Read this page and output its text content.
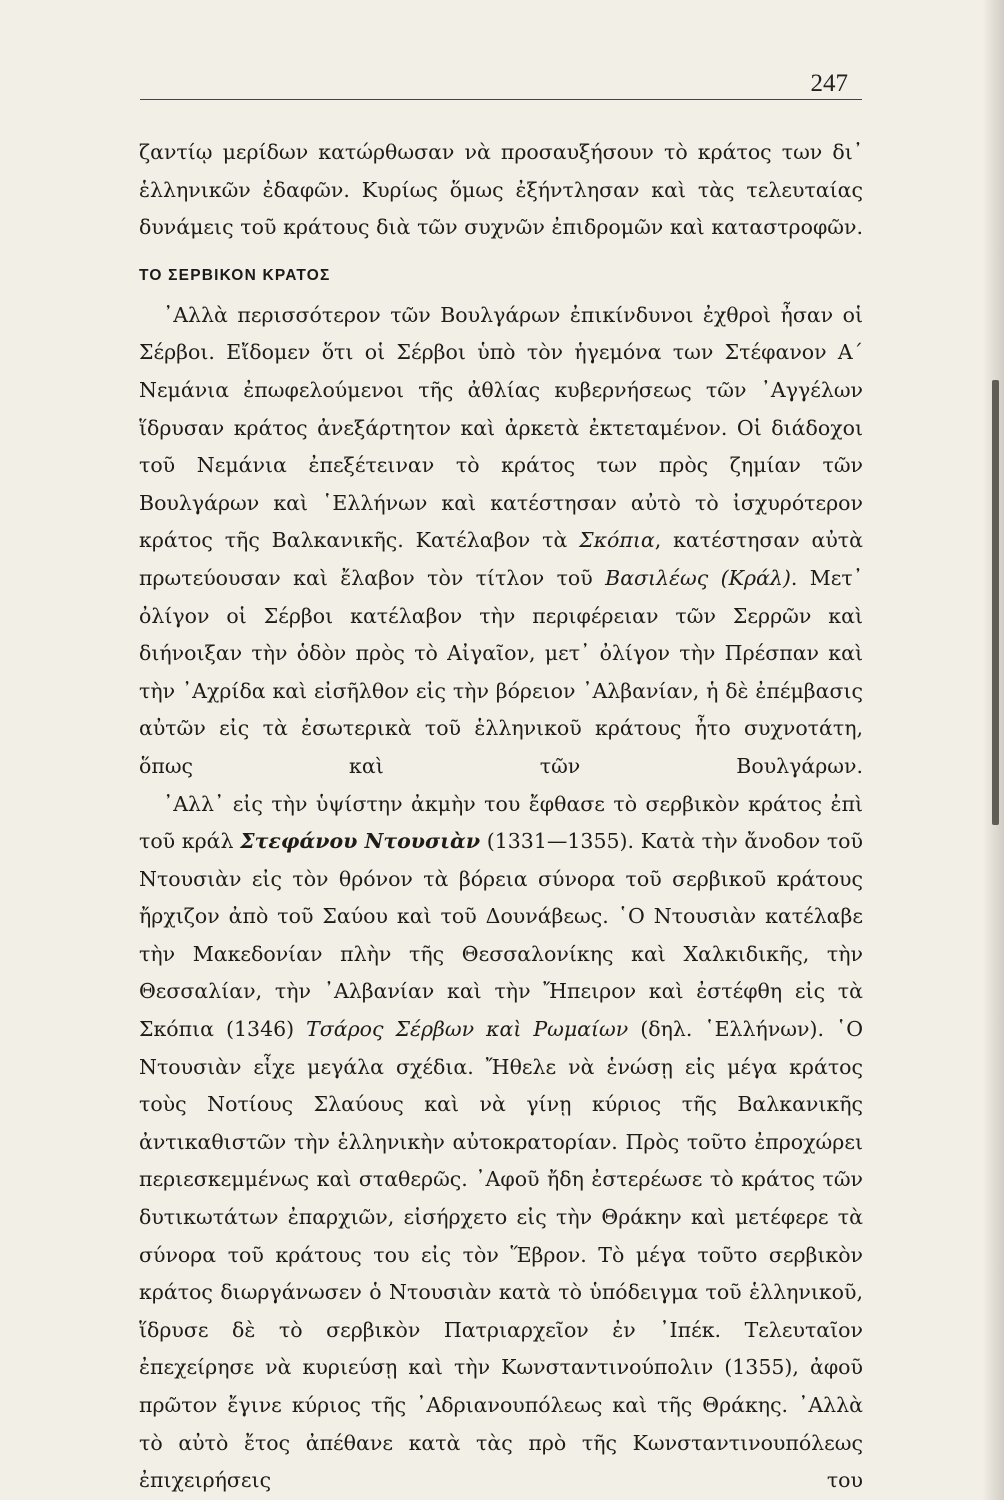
247

ζαντίῳ μερίδων κατώρθωσαν νὰ προσαυξήσουν τὸ κράτος των δι᾽ ἑλληνικῶν ἐδαφῶν. Κυρίως ὅμως ἐξήντλησαν καὶ τὰς τελευταίας δυνάμεις τοῦ κράτους διὰ τῶν συχνῶν ἐπιδρομῶν καὶ καταστροφῶν.

ΤΟ ΣΕΡΒΙΚΟΝ ΚΡΑΤΟΣ

᾽Αλλὰ περισσότερον τῶν Βουλγάρων ἐπικίνδυνοι ἐχθροὶ ἦσαν οἱ Σέρβοι. Εἴδομεν ὅτι οἱ Σέρβοι ὑπὸ τὸν ἡγεμόνα των Στέφανον Α´ Νεμάνια ἐπωφελούμενοι τῆς ἀθλίας κυβερνήσεως τῶν ᾽Αγγέλων ἵδρυσαν κράτος ἀνεξάρτητον καὶ ἀρκετὰ ἐκτεταμένον. Οἱ διάδοχοι τοῦ Νεμάνια ἐπεξέτειναν τὸ κράτος των πρὸς ζημίαν τῶν Βουλγάρων καὶ ῾Ελλήνων καὶ κατέστησαν αὐτὸ τὸ ἰσχυρότερον κράτος τῆς Βαλκανικῆς. Κατέλαβον τὰ Σκόπια, κατέστησαν αὐτὰ πρωτεύουσαν καὶ ἔλαβον τὸν τίτλον τοῦ Βασιλέως (Κράλ). Μετ᾽ ὀλίγον οἱ Σέρβοι κατέλαβον τὴν περιφέρειαν τῶν Σερρῶν καὶ διήνοιξαν τὴν ὁδὸν πρὸς τὸ Αἰγαῖον, μετ᾽ ὀλίγον τὴν Πρέσπαν καὶ τὴν ᾽Αχρίδα καὶ εἰσῆλθον εἰς τὴν βόρειον ᾽Αλβανίαν, ἡ δὲ ἐπέμβασις αὐτῶν εἰς τὰ ἐσωτερικὰ τοῦ ἑλληνικοῦ κράτους ἦτο συχνοτάτη, ὅπως καὶ τῶν Βουλγάρων.

᾽Αλλ᾽ εἰς τὴν ὑψίστην ἀκμὴν του ἔφθασε τὸ σερβικὸν κράτος ἐπὶ τοῦ κράλ Στεφάνου Ντουσιὰν (1331—1355). Κατὰ τὴν ἄνοδον τοῦ Ντουσιὰν εἰς τὸν θρόνον τὰ βόρεια σύνορα τοῦ σερβικοῦ κράτους ἤρχιζον ἀπὸ τοῦ Σαύου καὶ τοῦ Δουνάβεως. ῾Ο Ντουσιὰν κατέλαβε τὴν Μακεδονίαν πλὴν τῆς Θεσσαλονίκης καὶ Χαλκιδικῆς, τὴν Θεσσαλίαν, τὴν ᾽Αλβανίαν καὶ τὴν Ἤπειρον καὶ ἐστέφθη εἰς τὰ Σκόπια (1346) Τσάρος Σέρβων καὶ Ρωμαίων (δηλ. ῾Ελλήνων). ῾Ο Ντουσιὰν εἶχε μεγάλα σχέδια. Ἤθελε νὰ ἑνώσῃ εἰς μέγα κράτος τοὺς Νοτίους Σλαύους καὶ νὰ γίνῃ κύριος τῆς Βαλκανικῆς ἀντικαθιστῶν τὴν ἑλληνικὴν αὐτοκρατορίαν. Πρὸς τοῦτο ἐπροχώρει περιεσκεμμένως καὶ σταθερῶς. ᾽Αφοῦ ἤδη ἐστερέωσε τὸ κράτος τῶν δυτικωτάτων ἐπαρχιῶν, εἰσήρχετο εἰς τὴν Θράκην καὶ μετέφερε τὰ σύνορα τοῦ κράτους του εἰς τὸν Ἕβρον. Τὸ μέγα τοῦτο σερβικὸν κράτος διωργάνωσεν ὁ Ντουσιὰν κατὰ τὸ ὑπόδειγμα τοῦ ἑλληνικοῦ, ἵδρυσε δὲ τὸ σερβικὸν Πατριαρχεῖον ἐν ᾽Ιπέκ. Τελευταῖον ἐπεχείρησε νὰ κυριεύσῃ καὶ τὴν Κωνσταντινούπολιν (1355), ἀφοῦ πρῶτον ἔγινε κύριος τῆς ᾽Αδριανουπόλεως καὶ τῆς Θράκης. ᾽Αλλὰ τὸ αὐτὸ ἔτος ἀπέθανε κατὰ τὰς πρὸ τῆς Κωνσταντινουπόλεως ἐπιχειρήσεις του
